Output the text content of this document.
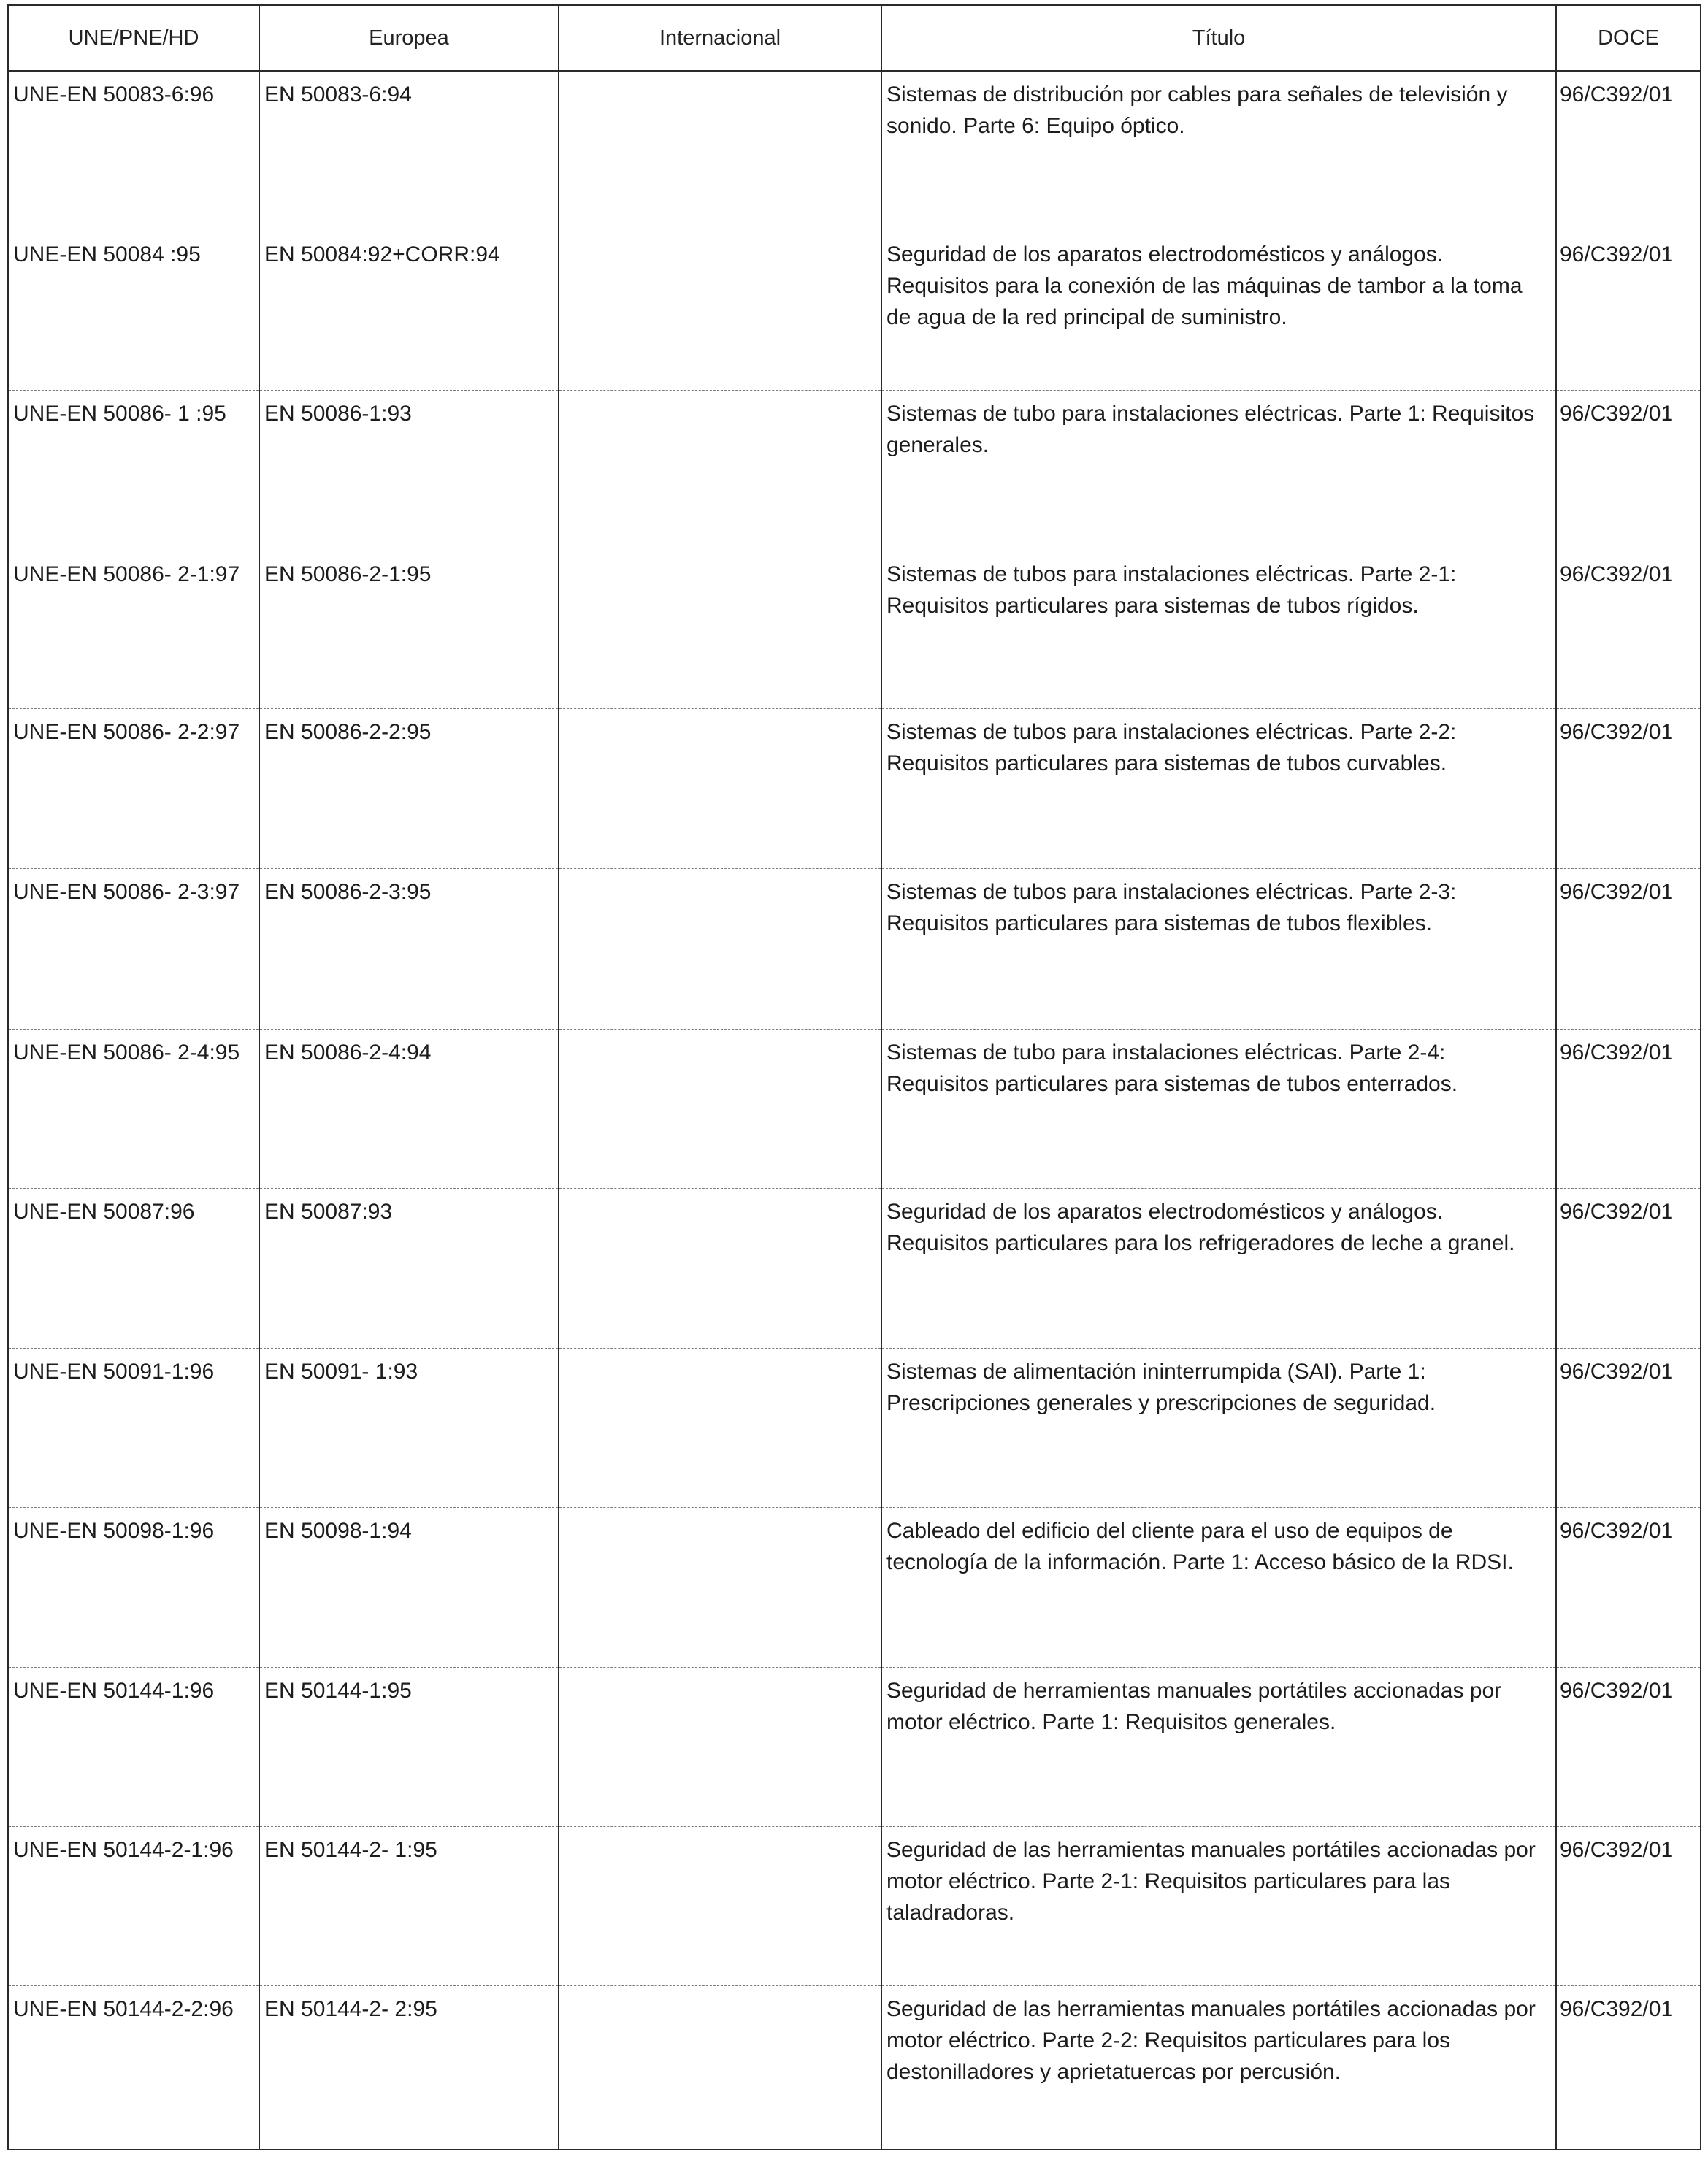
UNE/PNE/HD	Europea	Internacional	Título	DOCE
UNE-EN 50083-6:96	EN 50083-6:94		Sistemas de distribución por cables para señales de televisión y sonido. Parte 6: Equipo óptico.	96/C392/01
UNE-EN 50084 :95	EN 50084:92+CORR:94		Seguridad de los aparatos electrodomésticos y análogos. Requisitos para la conexión de las máquinas de tambor a la toma de agua de la red principal de suministro.	96/C392/01
UNE-EN 50086- 1 :95	EN 50086-1:93		Sistemas de tubo para instalaciones eléctricas. Parte 1: Requisitos generales.	96/C392/01
UNE-EN 50086- 2-1:97	EN 50086-2-1:95		Sistemas de tubos para instalaciones eléctricas. Parte 2-1: Requisitos particulares para sistemas de tubos rígidos.	96/C392/01
UNE-EN 50086- 2-2:97	EN 50086-2-2:95		Sistemas de tubos para instalaciones eléctricas. Parte 2-2: Requisitos particulares para sistemas de tubos curvables.	96/C392/01
UNE-EN 50086- 2-3:97	EN 50086-2-3:95		Sistemas de tubos para instalaciones eléctricas. Parte 2-3: Requisitos particulares para sistemas de tubos flexibles.	96/C392/01
UNE-EN 50086- 2-4:95	EN 50086-2-4:94		Sistemas de tubo para instalaciones eléctricas. Parte 2-4: Requisitos particulares para sistemas de tubos enterrados.	96/C392/01
UNE-EN 50087:96	EN 50087:93		Seguridad de los aparatos electrodomésticos y análogos. Requisitos particulares para los refrigeradores de leche a granel.	96/C392/01
UNE-EN 50091-1:96	EN 50091- 1:93		Sistemas de alimentación ininterrumpida (SAI). Parte 1: Prescripciones generales y prescripciones de seguridad.	96/C392/01
UNE-EN 50098-1:96	EN 50098-1:94		Cableado del edificio del cliente para el uso de equipos de tecnología de la información. Parte 1: Acceso básico de la RDSI.	96/C392/01
UNE-EN 50144-1:96	EN 50144-1:95		Seguridad de herramientas manuales portátiles accionadas por motor eléctrico. Parte 1: Requisitos generales.	96/C392/01
UNE-EN 50144-2-1:96	EN 50144-2- 1:95		Seguridad de las herramientas manuales portátiles accionadas por motor eléctrico. Parte 2-1: Requisitos particulares para las taladradoras.	96/C392/01
UNE-EN 50144-2-2:96	EN 50144-2- 2:95		Seguridad de las herramientas manuales portátiles accionadas por motor eléctrico. Parte 2-2: Requisitos particulares para los destonilladores y aprietatuercas por percusión.	96/C392/01
